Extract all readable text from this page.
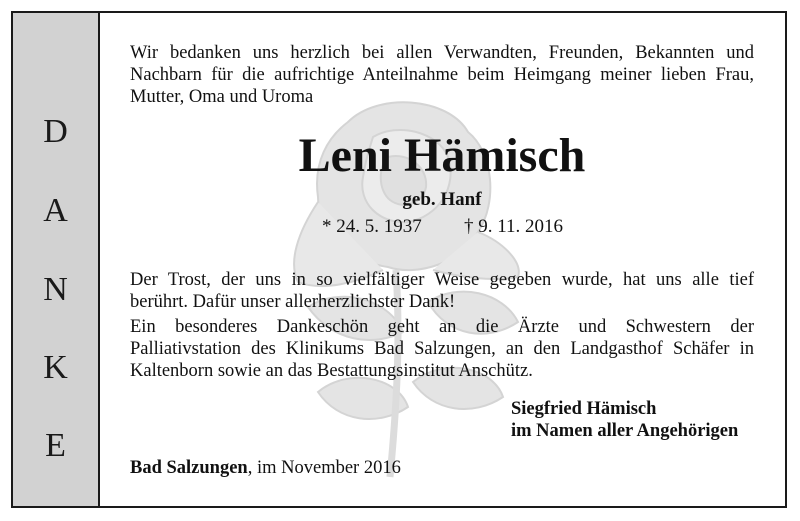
D
A
N
K
E
Wir bedanken uns herzlich bei allen Verwandten, Freunden, Bekannten und
Nachbarn für die aufrichtige Anteilnahme beim Heimgang meiner lieben Frau,
Mutter, Oma und Uroma
Leni Hämisch
geb. Hanf
* 24. 5. 1937 † 9. 11. 2016
Der Trost, der uns in so vielfältiger Weise gegeben wurde, hat uns alle tief
berührt. Dafür unser allerherzlichster Dank!
Ein besonderes Dankeschön geht an die Ärzte und Schwestern der
Palliativstation des Klinikums Bad Salzungen, an den Landgasthof Schäfer in
Kaltenborn sowie an das Bestattungsinstitut Anschütz.
Siegfried Hämisch
im Namen aller Angehörigen
Bad Salzungen, im November 2016
